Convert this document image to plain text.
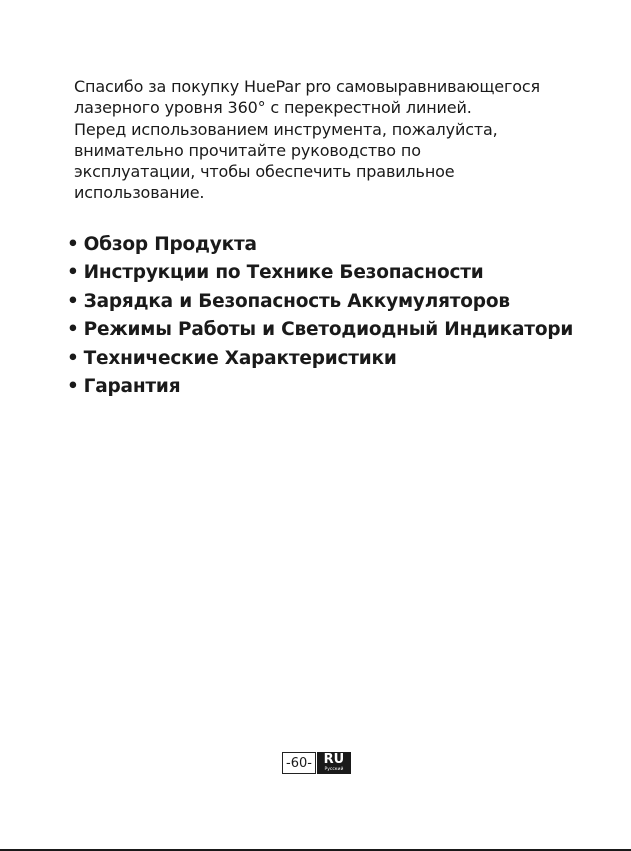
Спасибо за покупку HuePar pro самовыравнивающегося
лазерного уровня 360° с перекрестной линией.
Перед использованием инструмента, пожалуйста,
внимательно прочитайте руководство по
эксплуатации, чтобы обеспечить правильное
использование.
• Обзор Продукта
• Инструкции по Технике Безопасности
• Зарядка и Безопасность Аккумуляторов
• Режимы Работы и Светодиодный Индикатори
• Технические Характеристики
• Гарантия
-60- RU
Русский
